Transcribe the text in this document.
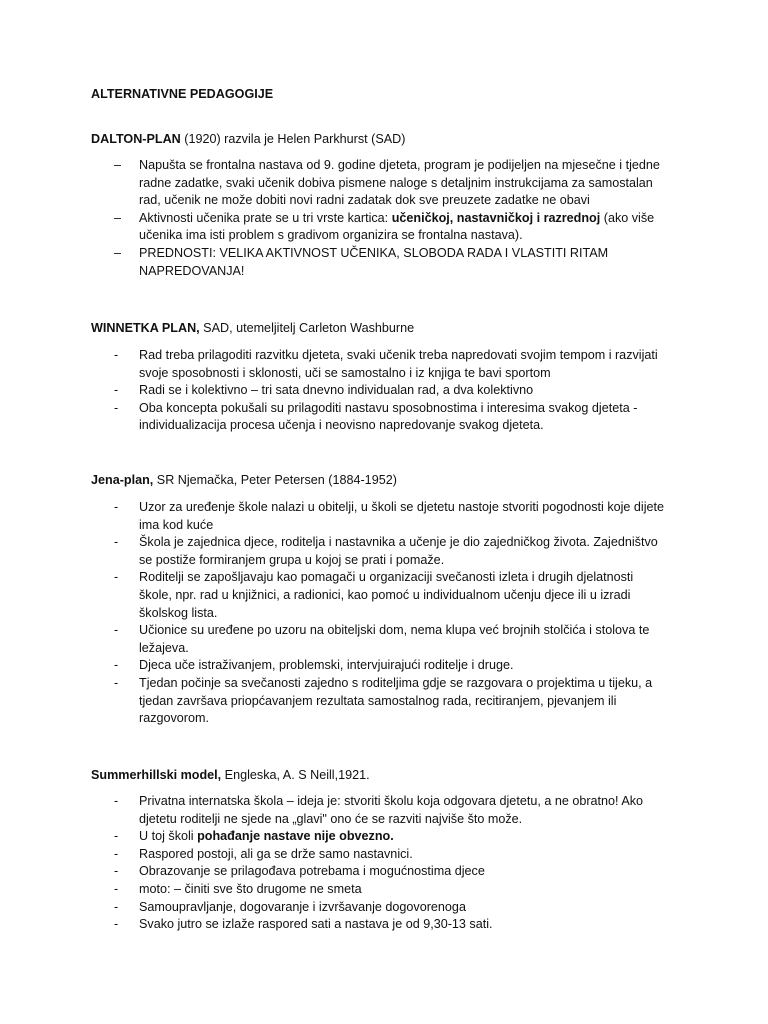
ALTERNATIVNE PEDAGOGIJE
DALTON-PLAN (1920) razvila je Helen Parkhurst (SAD)
– Napušta se frontalna nastava od 9. godine djeteta, program je podijeljen na mjesečne i tjedne radne zadatke, svaki učenik dobiva pismene naloge s detaljnim instrukcijama za samostalan rad, učenik ne može dobiti novi radni zadatak dok sve preuzete zadatke ne obavi
– Aktivnosti učenika prate se u tri vrste kartica: učeničkoj, nastavničkoj i razrednoj (ako više učenika ima isti problem s gradivom organizira se frontalna nastava).
– PREDNOSTI: VELIKA AKTIVNOST UČENIKA, SLOBODA RADA I VLASTITI RITAM NAPREDOVANJA!
WINNETKA PLAN, SAD, utemeljitelj Carleton Washburne
- Rad treba prilagoditi razvitku djeteta, svaki učenik treba napredovati svojim tempom i razvijati svoje sposobnosti i sklonosti, uči se samostalno i iz knjiga te bavi sportom
- Radi se i kolektivno – tri sata dnevno individualan rad, a dva kolektivno
- Oba koncepta pokušali su prilagoditi nastavu sposobnostima i interesima svakog djeteta - individualizacija procesa učenja i neovisno napredovanje svakog djeteta.
Jena-plan, SR Njemačka, Peter Petersen (1884-1952)
- Uzor za uređenje škole nalazi u obitelji, u školi se djetetu nastoje stvoriti pogodnosti koje dijete ima kod kuće
- Škola je zajednica djece, roditelja i nastavnika a učenje je dio zajedničkog života. Zajedništvo se postiže formiranjem grupa u kojoj se prati i pomaže.
- Roditelji se zapošljavaju kao pomagači u organizaciji svečanosti izleta i drugih djelatnosti škole, npr. rad u knjižnici, a radionici, kao pomoć u individualnom učenju djece ili u izradi školskog lista.
- Učionice su uređene po uzoru na obiteljski dom, nema klupa već brojnih stolčića i stolova te ležajeva.
- Djeca uče istraživanjem, problemski, intervjuirajući roditelje i druge.
- Tjedan počinje sa svečanosti zajedno s roditeljima gdje se razgovara o projektima u tijeku, a tjedan završava priopćavanjem rezultata samostalnog rada, recitiranjem, pjevanjem ili razgovorom.
Summerhillski model, Engleska, A. S Neill,1921.
- Privatna internatska škola – ideja je: stvoriti školu koja odgovara djetetu, a ne obratno! Ako djetetu roditelji ne sjede na „glavi" ono će se razviti najviše što može.
- U toj školi pohađanje nastave nije obvezno.
- Raspored postoji, ali ga se drže samo nastavnici.
- Obrazovanje se prilagođava potrebama i mogućnostima djece
- moto: – činiti sve što drugome ne smeta
- Samoupravljanje, dogovaranje i izvršavanje dogovorenoga
- Svako jutro se izlaže raspored sati a nastava je od 9,30-13 sati.
